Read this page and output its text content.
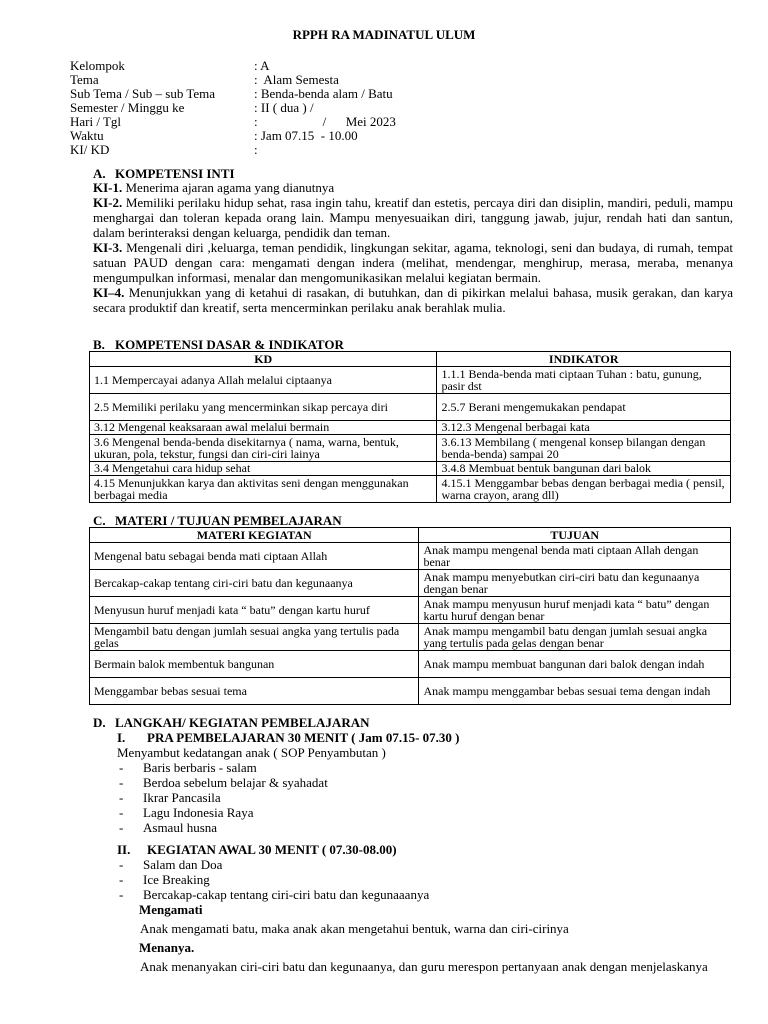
RPPH RA MADINATUL ULUM
Kelompok	: A
Tema	:  Alam Semesta
Sub Tema / Sub – sub Tema	: Benda-benda alam / Batu
Semester / Minggu ke	: II ( dua ) /
Hari / Tgl	:                    /      Mei 2023
Waktu	: Jam 07.15  - 10.00
KI/ KD	:
A. KOMPETENSI INTI

KI-1. Menerima ajaran agama yang dianutnya

KI-2. Memiliki perilaku hidup sehat, rasa ingin tahu, kreatif dan estetis, percaya diri dan disiplin, mandiri, peduli, mampu menghargai dan toleran kepada orang lain. Mampu menyesuaikan diri, tanggung jawab, jujur, rendah hati dan santun, dalam berinteraksi dengan keluarga, pendidik dan teman.

KI-3. Mengenali diri ,keluarga, teman pendidik, lingkungan sekitar, agama, teknologi, seni dan budaya, di rumah, tempat satuan PAUD dengan cara: mengamati dengan indera (melihat, mendengar, menghirup, merasa, meraba, menanya mengumpulkan informasi, menalar dan mengomunikasikan melalui kegiatan bermain.

KI–4. Menunjukkan yang di ketahui di rasakan, di butuhkan, dan di pikirkan melalui bahasa, musik gerakan, dan karya secara produktif dan kreatif, serta mencerminkan perilaku anak berahlak mulia.

B. KOMPETENSI DASAR & INDIKATOR
KD	INDIKATOR
1.1 Mempercayai adanya Allah melalui ciptaanya	1.1.1 Benda-benda mati ciptaan Tuhan : batu, gunung, pasir dst
2.5 Memiliki perilaku yang mencerminkan sikap percaya diri	2.5.7 Berani mengemukakan pendapat
3.12 Mengenal keaksaraan awal melalui bermain	3.12.3 Mengenal berbagai kata
3.6 Mengenal benda-benda disekitarnya ( nama, warna, bentuk, ukuran, pola, tekstur, fungsi dan ciri-ciri lainya	3.6.13 Membilang ( mengenal konsep bilangan dengan benda-benda) sampai 20
3.4 Mengetahui cara hidup sehat	3.4.8 Membuat bentuk bangunan dari balok
4.15 Menunjukkan karya dan aktivitas seni dengan menggunakan berbagai media	4.15.1 Menggambar bebas dengan berbagai media ( pensil, warna crayon, arang dll)
C. MATERI / TUJUAN PEMBELAJARAN
MATERI KEGIATAN	TUJUAN
Mengenal batu sebagai benda mati ciptaan Allah	Anak mampu mengenal benda mati ciptaan Allah dengan benar
Bercakap-cakap tentang ciri-ciri batu dan kegunaanya	Anak mampu menyebutkan ciri-ciri batu dan kegunaanya dengan benar
Menyusun huruf menjadi kata “ batu” dengan kartu huruf	Anak mampu menyusun huruf menjadi kata “ batu” dengan kartu huruf dengan benar
Mengambil batu dengan jumlah sesuai angka yang tertulis pada gelas	Anak mampu mengambil batu dengan jumlah sesuai angka yang tertulis pada gelas dengan benar
Bermain balok membentuk bangunan	Anak mampu membuat bangunan dari balok dengan indah
Menggambar bebas sesuai tema	Anak mampu menggambar bebas sesuai tema dengan indah
D. LANGKAH/ KEGIATAN PEMBELAJARAN
I. PRA PEMBELAJARAN 30 MENIT ( Jam 07.15- 07.30 )
Menyambut kedatangan anak ( SOP Penyambutan )
-	Baris berbaris - salam
-	Berdoa sebelum belajar & syahadat
-	Ikrar Pancasila
-	Lagu Indonesia Raya
-	Asmaul husna
II. KEGIATAN AWAL 30 MENIT ( 07.30-08.00)
-	Salam dan Doa
-	Ice Breaking
-	Bercakap-cakap tentang ciri-ciri batu dan kegunaaanya
Mengamati
Anak mengamati batu, maka anak akan mengetahui bentuk, warna dan ciri-cirinya
Menanya.
Anak menanyakan ciri-ciri batu dan kegunaanya, dan guru merespon pertanyaan anak dengan menjelaskanya
